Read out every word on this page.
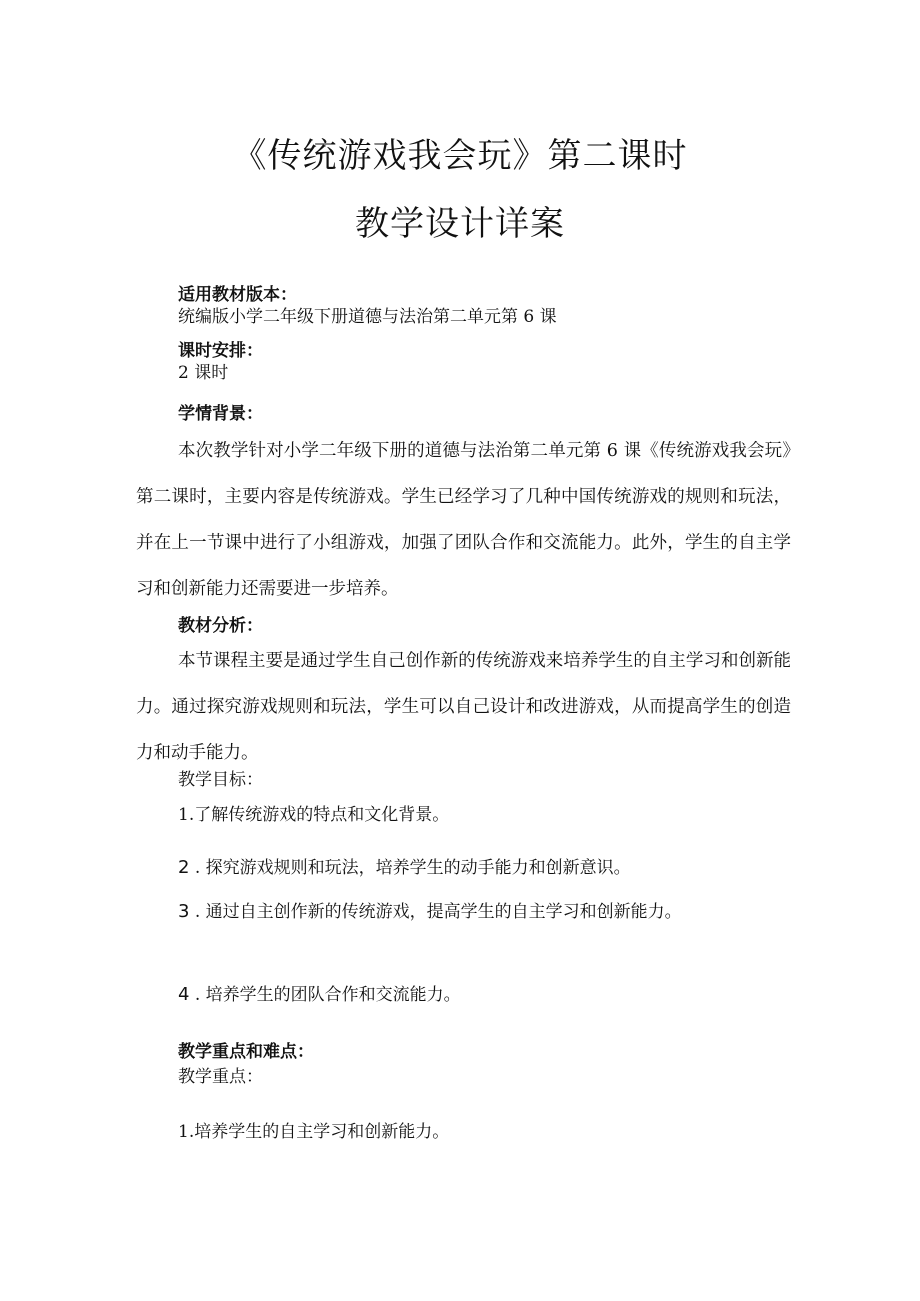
《传统游戏我会玩》第二课时
教学设计详案
适用教材版本：
统编版小学二年级下册道德与法治第二单元第 6 课
课时安排：
2 课时
学情背景：
本次教学针对小学二年级下册的道德与法治第二单元第 6 课《传统游戏我会玩》第二课时，主要内容是传统游戏。学生已经学习了几种中国传统游戏的规则和玩法，并在上一节课中进行了小组游戏，加强了团队合作和交流能力。此外，学生的自主学习和创新能力还需要进一步培养。
教材分析：
本节课程主要是通过学生自己创作新的传统游戏来培养学生的自主学习和创新能力。通过探究游戏规则和玩法，学生可以自己设计和改进游戏，从而提高学生的创造力和动手能力。
教学目标：
1.了解传统游戏的特点和文化背景。
2 . 探究游戏规则和玩法，培养学生的动手能力和创新意识。
3 . 通过自主创作新的传统游戏，提高学生的自主学习和创新能力。
4 . 培养学生的团队合作和交流能力。
教学重点和难点：
教学重点：
1.培养学生的自主学习和创新能力。
